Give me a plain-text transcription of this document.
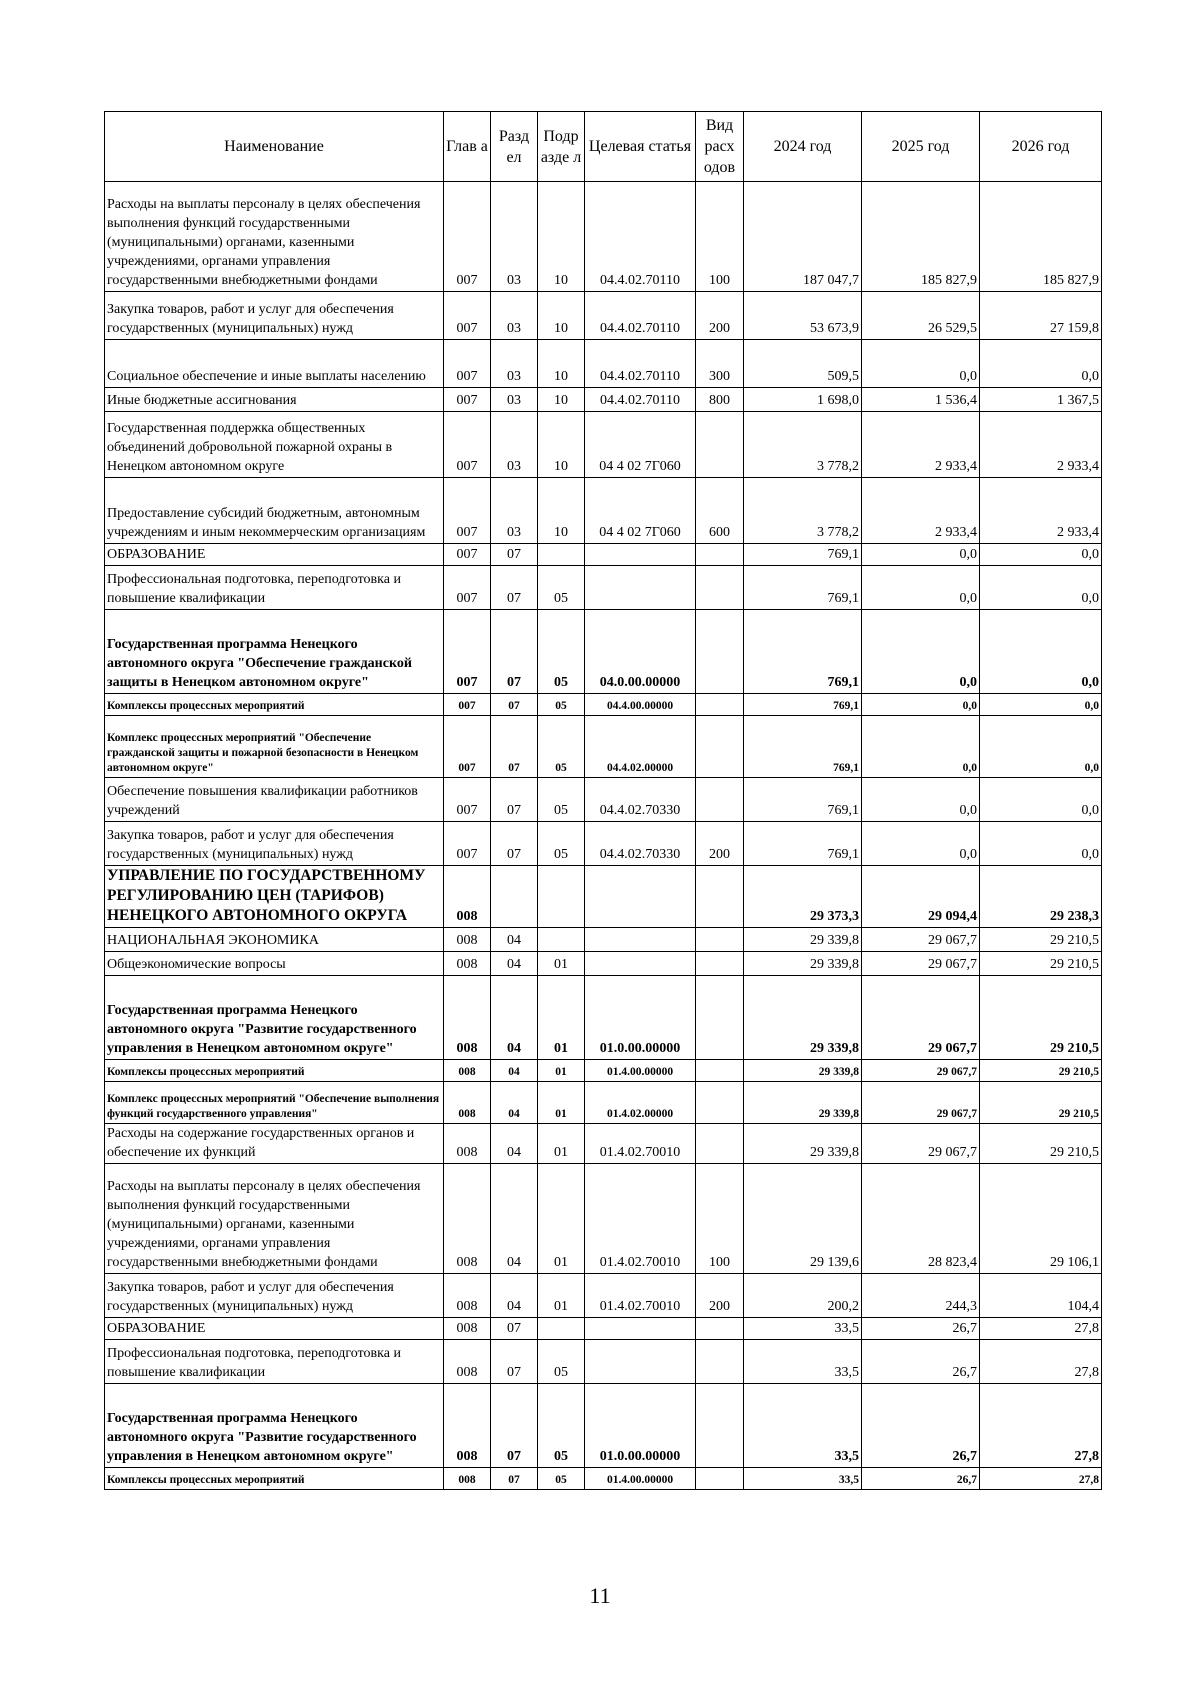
Наименование	Глав а	Разд ел	Подр азде л	Целевая статья	Вид расх одов	2024 год	2025 год	2026 год
Расходы на выплаты персоналу в целях обеспечения выполнения функций государственными (муниципальными) органами, казенными учреждениями, органами управления государственными внебюджетными фондами	007	03	10	04.4.02.70110	100	187 047,7	185 827,9	185 827,9
Закупка товаров, работ и услуг для обеспечения государственных (муниципальных) нужд	007	03	10	04.4.02.70110	200	53 673,9	26 529,5	27 159,8
Социальное обеспечение и иные выплаты населению	007	03	10	04.4.02.70110	300	509,5	0,0	0,0
Иные бюджетные ассигнования	007	03	10	04.4.02.70110	800	1 698,0	1 536,4	1 367,5
Государственная поддержка общественных объединений добровольной пожарной охраны в Ненецком автономном округе	007	03	10	04 4 02 7Г060		3 778,2	2 933,4	2 933,4
Предоставление субсидий бюджетным, автономным учреждениям и иным некоммерческим организациям	007	03	10	04 4 02 7Г060	600	3 778,2	2 933,4	2 933,4
ОБРАЗОВАНИЕ	007	07				769,1	0,0	0,0
Профессиональная подготовка, переподготовка и повышение квалификации	007	07	05			769,1	0,0	0,0
Государственная программа Ненецкого автономного округа "Обеспечение гражданской защиты в Ненецком автономном округе"	007	07	05	04.0.00.00000		769,1	0,0	0,0
Комплексы процессных мероприятий	007	07	05	04.4.00.00000		769,1	0,0	0,0
Комплекс процессных мероприятий "Обеспечение гражданской защиты и пожарной безопасности в Ненецком автономном округе"	007	07	05	04.4.02.00000		769,1	0,0	0,0
Обеспечение повышения квалификации работников учреждений	007	07	05	04.4.02.70330		769,1	0,0	0,0
Закупка товаров, работ и услуг для обеспечения государственных (муниципальных) нужд	007	07	05	04.4.02.70330	200	769,1	0,0	0,0
УПРАВЛЕНИЕ ПО ГОСУДАРСТВЕННОМУ РЕГУЛИРОВАНИЮ ЦЕН (ТАРИФОВ) НЕНЕЦКОГО АВТОНОМНОГО ОКРУГА	008					29 373,3	29 094,4	29 238,3
НАЦИОНАЛЬНАЯ ЭКОНОМИКА	008	04				29 339,8	29 067,7	29 210,5
Общеэкономические вопросы	008	04	01			29 339,8	29 067,7	29 210,5
Государственная программа Ненецкого автономного округа "Развитие государственного управления в Ненецком автономном округе"	008	04	01	01.0.00.00000		29 339,8	29 067,7	29 210,5
Комплексы процессных мероприятий	008	04	01	01.4.00.00000		29 339,8	29 067,7	29 210,5
Комплекс процессных мероприятий "Обеспечение выполнения функций государственного управления"	008	04	01	01.4.02.00000		29 339,8	29 067,7	29 210,5
Расходы на содержание государственных органов и обеспечение их функций	008	04	01	01.4.02.70010		29 339,8	29 067,7	29 210,5
Расходы на выплаты персоналу в целях обеспечения выполнения функций государственными (муниципальными) органами, казенными учреждениями, органами управления государственными внебюджетными фондами	008	04	01	01.4.02.70010	100	29 139,6	28 823,4	29 106,1
Закупка товаров, работ и услуг для обеспечения государственных (муниципальных) нужд	008	04	01	01.4.02.70010	200	200,2	244,3	104,4
ОБРАЗОВАНИЕ	008	07				33,5	26,7	27,8
Профессиональная подготовка, переподготовка и повышение квалификации	008	07	05			33,5	26,7	27,8
Государственная программа Ненецкого автономного округа "Развитие государственного управления в Ненецком автономном округе"	008	07	05	01.0.00.00000		33,5	26,7	27,8
Комплексы процессных мероприятий	008	07	05	01.4.00.00000		33,5	26,7	27,8
11
